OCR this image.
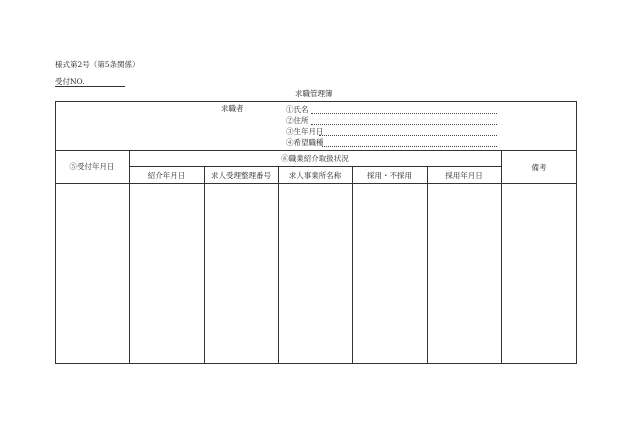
様式第2号（第5条関係）
受付NO.
求職管理簿
求職者	①氏名
②住所
③生年月日
④希望職種
⑤受付年月日
⑥職業紹介取扱状況
紹介年月日	求人受理整理番号	求人事業所名称	採用・不採用	採用年月日
備考
